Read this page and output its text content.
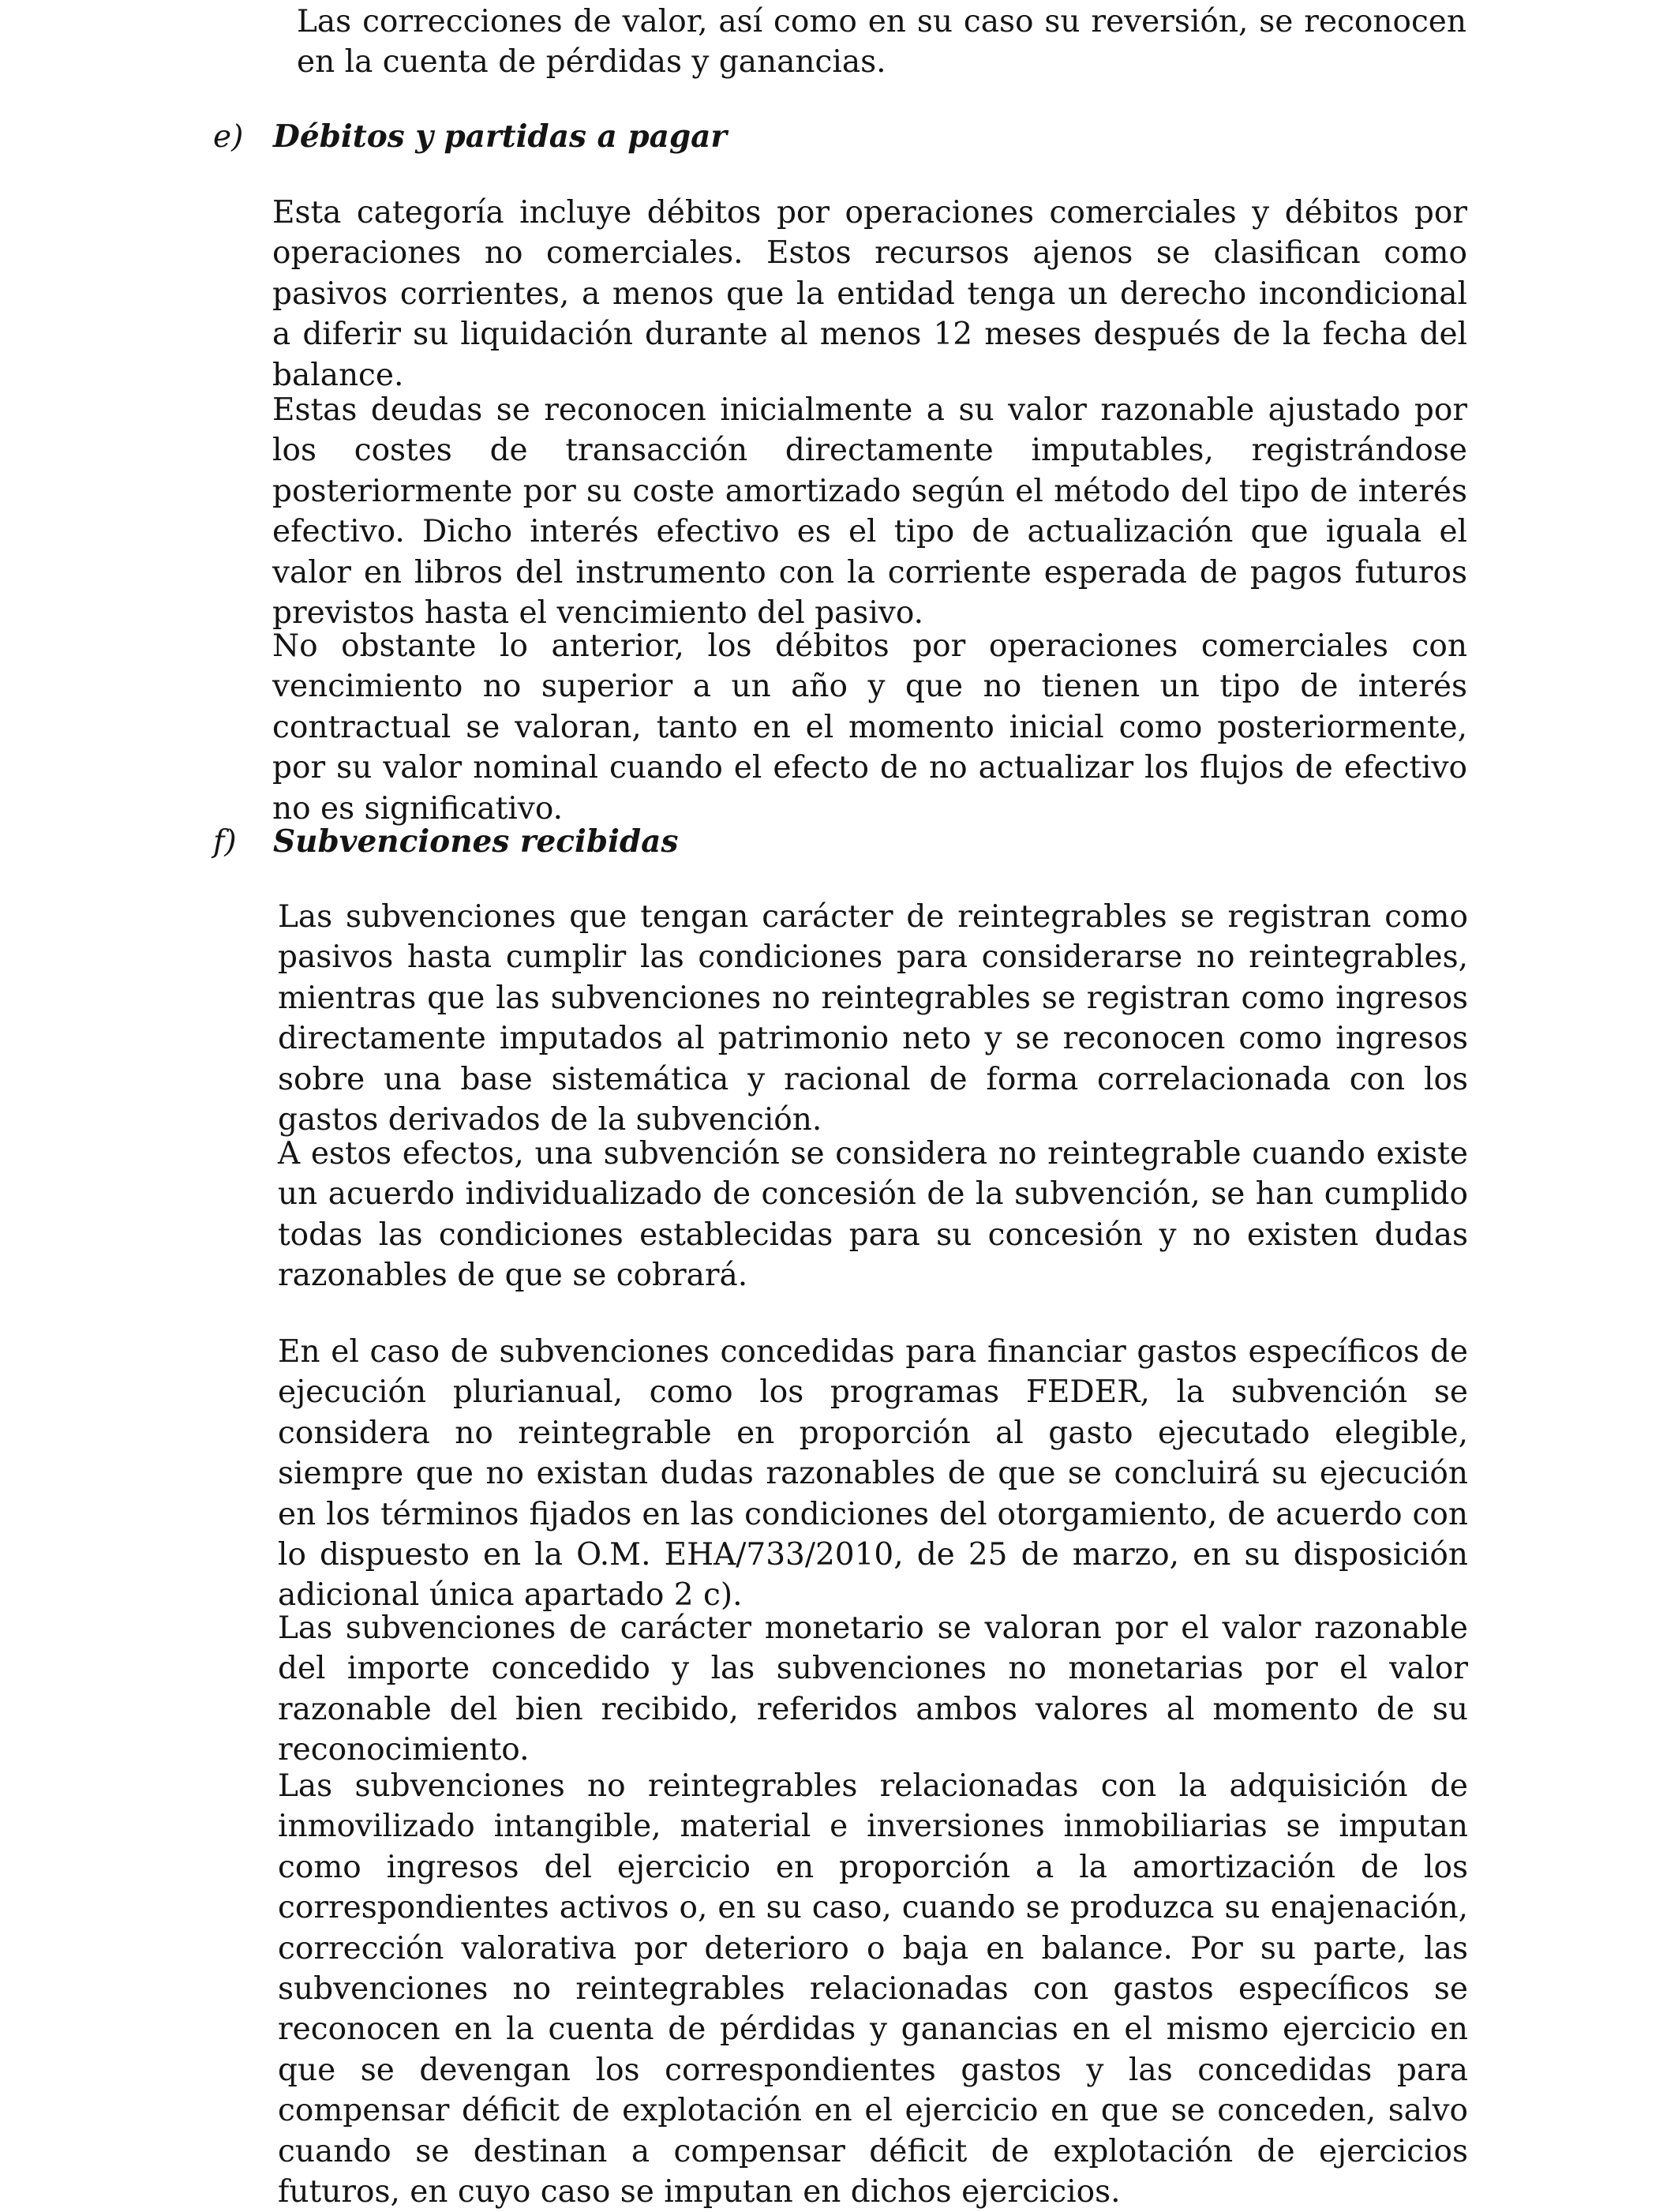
Las correcciones de valor, así como en su caso su reversión, se reconocen en la cuenta de pérdidas y ganancias.

e) Débitos y partidas a pagar

Esta categoría incluye débitos por operaciones comerciales y débitos por operaciones no comerciales. Estos recursos ajenos se clasifican como pasivos corrientes, a menos que la entidad tenga un derecho incondicional a diferir su liquidación durante al menos 12 meses después de la fecha del balance.

Estas deudas se reconocen inicialmente a su valor razonable ajustado por los costes de transacción directamente imputables, registrándose posteriormente por su coste amortizado según el método del tipo de interés efectivo. Dicho interés efectivo es el tipo de actualización que iguala el valor en libros del instrumento con la corriente esperada de pagos futuros previstos hasta el vencimiento del pasivo.

No obstante lo anterior, los débitos por operaciones comerciales con vencimiento no superior a un año y que no tienen un tipo de interés contractual se valoran, tanto en el momento inicial como posteriormente, por su valor nominal cuando el efecto de no actualizar los flujos de efectivo no es significativo.

f) Subvenciones recibidas

Las subvenciones que tengan carácter de reintegrables se registran como pasivos hasta cumplir las condiciones para considerarse no reintegrables, mientras que las subvenciones no reintegrables se registran como ingresos directamente imputados al patrimonio neto y se reconocen como ingresos sobre una base sistemática y racional de forma correlacionada con los gastos derivados de la subvención.

A estos efectos, una subvención se considera no reintegrable cuando existe un acuerdo individualizado de concesión de la subvención, se han cumplido todas las condiciones establecidas para su concesión y no existen dudas razonables de que se cobrará.

En el caso de subvenciones concedidas para financiar gastos específicos de ejecución plurianual, como los programas FEDER, la subvención se considera no reintegrable en proporción al gasto ejecutado elegible, siempre que no existan dudas razonables de que se concluirá su ejecución en los términos fijados en las condiciones del otorgamiento, de acuerdo con lo dispuesto en la O.M. EHA/733/2010, de 25 de marzo, en su disposición adicional única apartado 2 c).

Las subvenciones de carácter monetario se valoran por el valor razonable del importe concedido y las subvenciones no monetarias por el valor razonable del bien recibido, referidos ambos valores al momento de su reconocimiento.

Las subvenciones no reintegrables relacionadas con la adquisición de inmovilizado intangible, material e inversiones inmobiliarias se imputan como ingresos del ejercicio en proporción a la amortización de los correspondientes activos o, en su caso, cuando se produzca su enajenación, corrección valorativa por deterioro o baja en balance. Por su parte, las subvenciones no reintegrables relacionadas con gastos específicos se reconocen en la cuenta de pérdidas y ganancias en el mismo ejercicio en que se devengan los correspondientes gastos y las concedidas para compensar déficit de explotación en el ejercicio en que se conceden, salvo cuando se destinan a compensar déficit de explotación de ejercicios futuros, en cuyo caso se imputan en dichos ejercicios.
